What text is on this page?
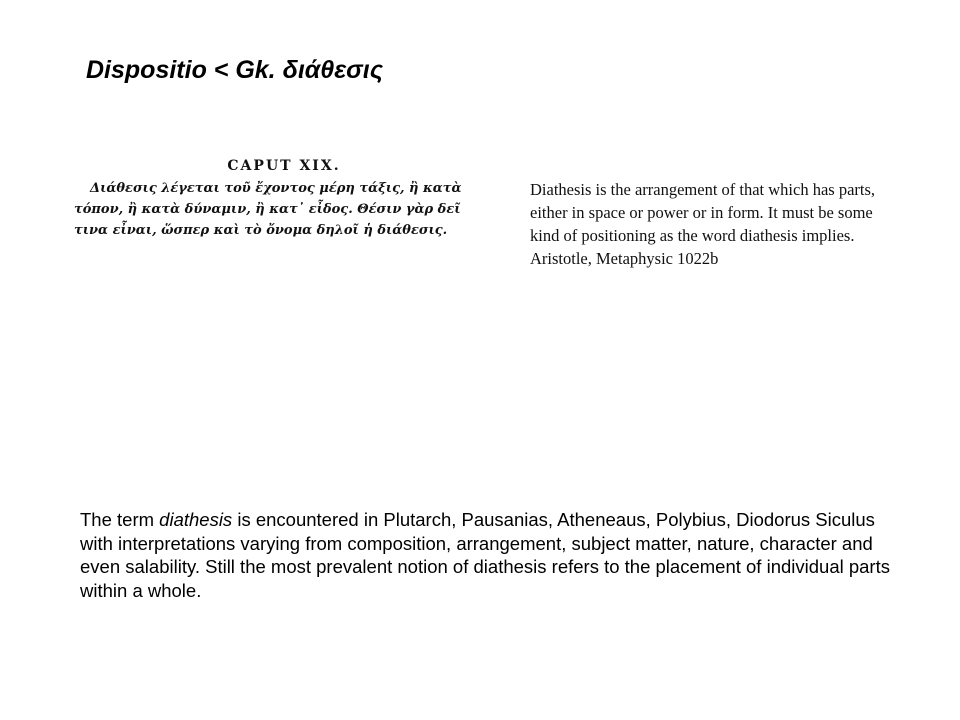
Dispositio < Gk. διάθεσις
CAPUT XIX.
Διάθεσις λέγεται τοῦ ἔχοντος μέρη τάξις, ἢ κατὰ
τόπον, ἢ κατὰ δύναμιν, ἢ κατ᾽ εἶδος. Θέσιν γὰρ δεῖ
τινα εἶναι, ὥσπερ καὶ τὸ ὄνομα δηλοῖ ἡ διάθεσις.
Diathesis is the arrangement of that which has parts,
either in space or power or in form. It must be some
kind of positioning as the word diathesis implies.
Aristotle, Metaphysic 1022b
The term diathesis is encountered in Plutarch, Pausanias, Atheneaus, Polybius, Diodorus Siculus with interpretations varying from composition, arrangement, subject matter, nature, character and even salability. Still the most prevalent notion of diathesis refers to the placement of individual parts within a whole.
